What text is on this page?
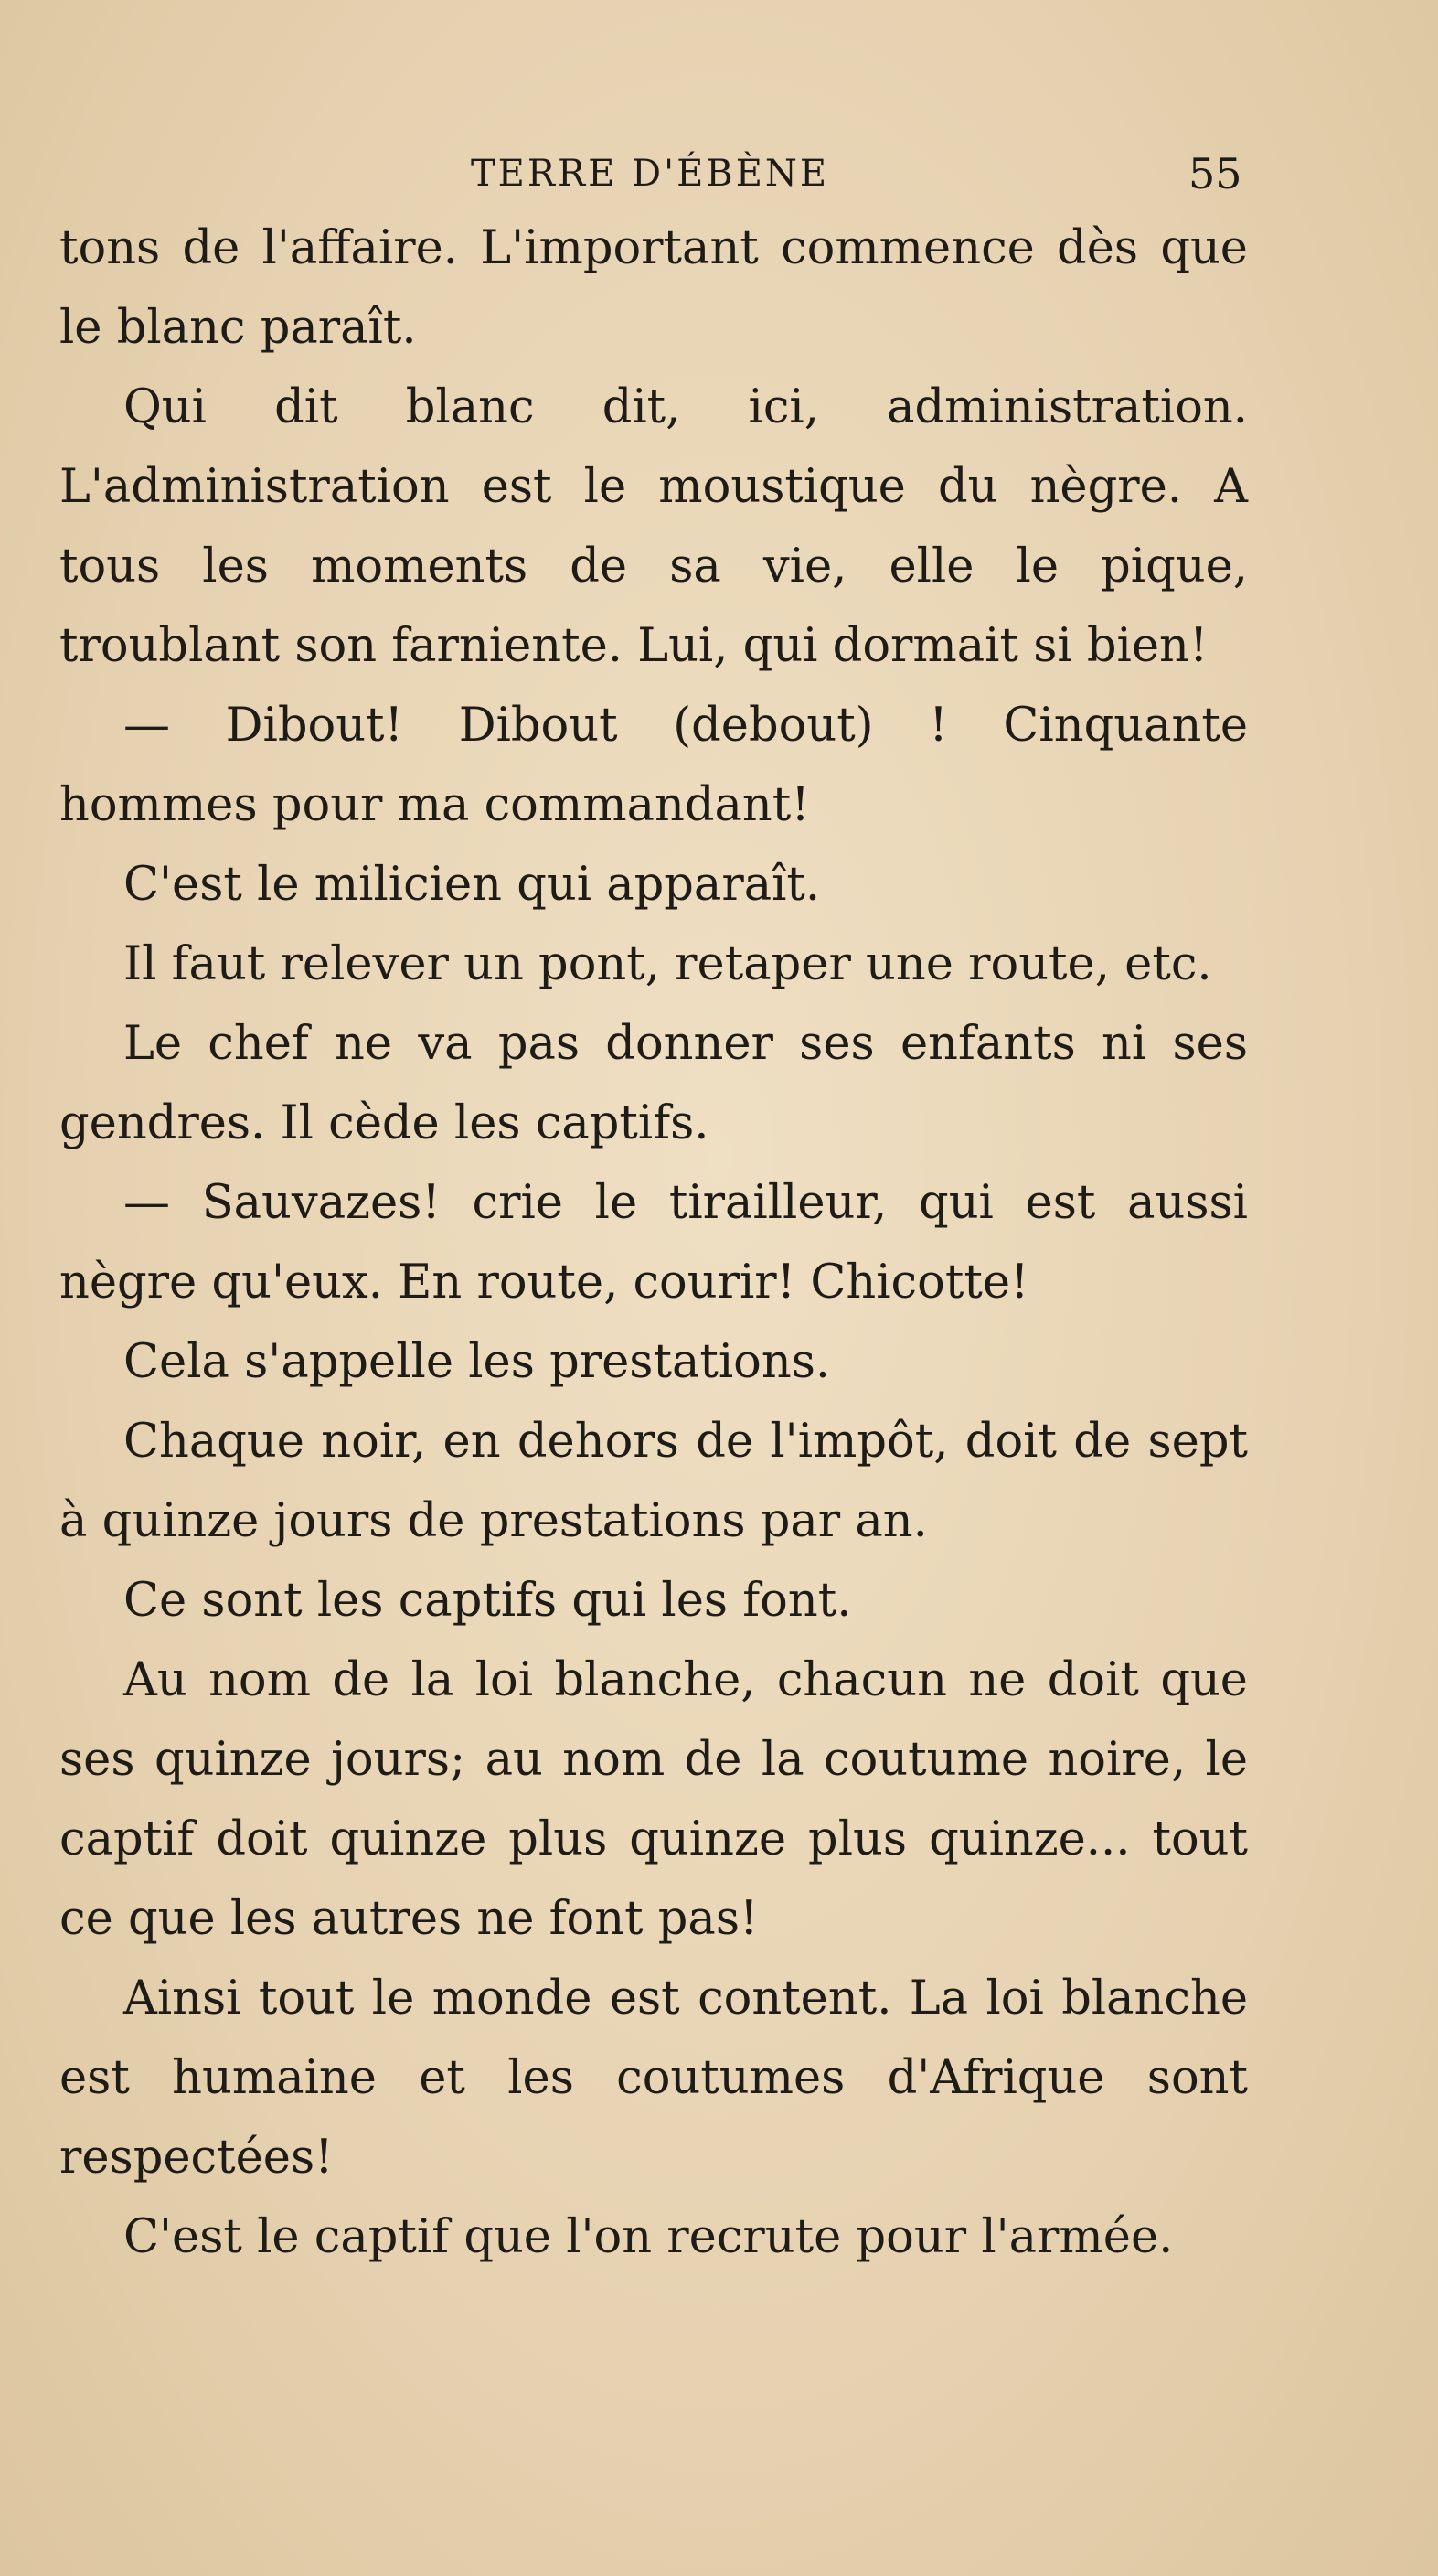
TERRE D'ÉBÈNE	55

tons de l'affaire. L'important commence dès que le blanc paraît.

Qui dit blanc dit, ici, administration. L'administration est le moustique du nègre. A tous les moments de sa vie, elle le pique, troublant son farniente. Lui, qui dormait si bien!

— Dibout! Dibout (debout) ! Cinquante hommes pour ma commandant!

C'est le milicien qui apparaît.

Il faut relever un pont, retaper une route, etc.

Le chef ne va pas donner ses enfants ni ses gendres. Il cède les captifs.

— Sauvazes! crie le tirailleur, qui est aussi nègre qu'eux. En route, courir! Chicotte!

Cela s'appelle les prestations.

Chaque noir, en dehors de l'impôt, doit de sept à quinze jours de prestations par an.

Ce sont les captifs qui les font.

Au nom de la loi blanche, chacun ne doit que ses quinze jours; au nom de la coutume noire, le captif doit quinze plus quinze plus quinze... tout ce que les autres ne font pas!

Ainsi tout le monde est content. La loi blanche est humaine et les coutumes d'Afrique sont respectées!

C'est le captif que l'on recrute pour l'armée.
